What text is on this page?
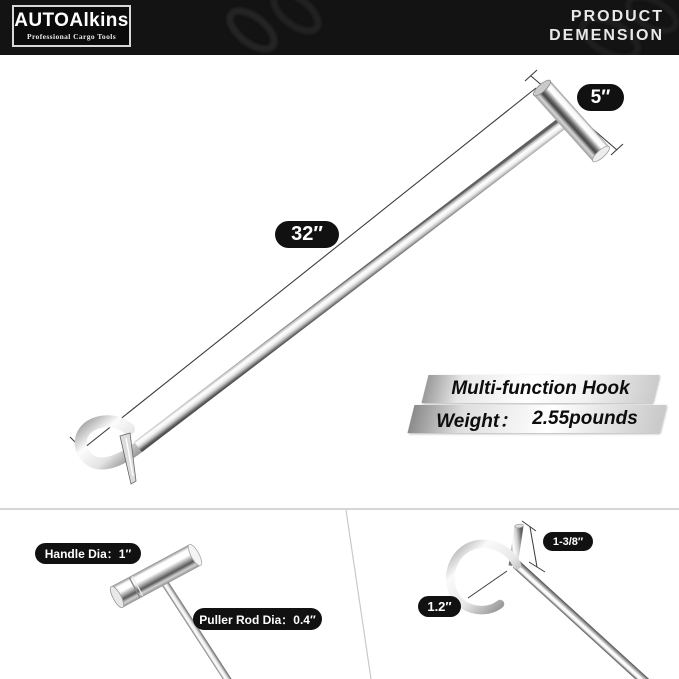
AUTOAlkins
Professional Cargo Tools
PRODUCT
DEMENSION
5″
32″
Handle Dia：1″
Puller Rod Dia：0.4″
1-3/8″
1.2″
Multi-function Hook
Weight： 2.55pounds
